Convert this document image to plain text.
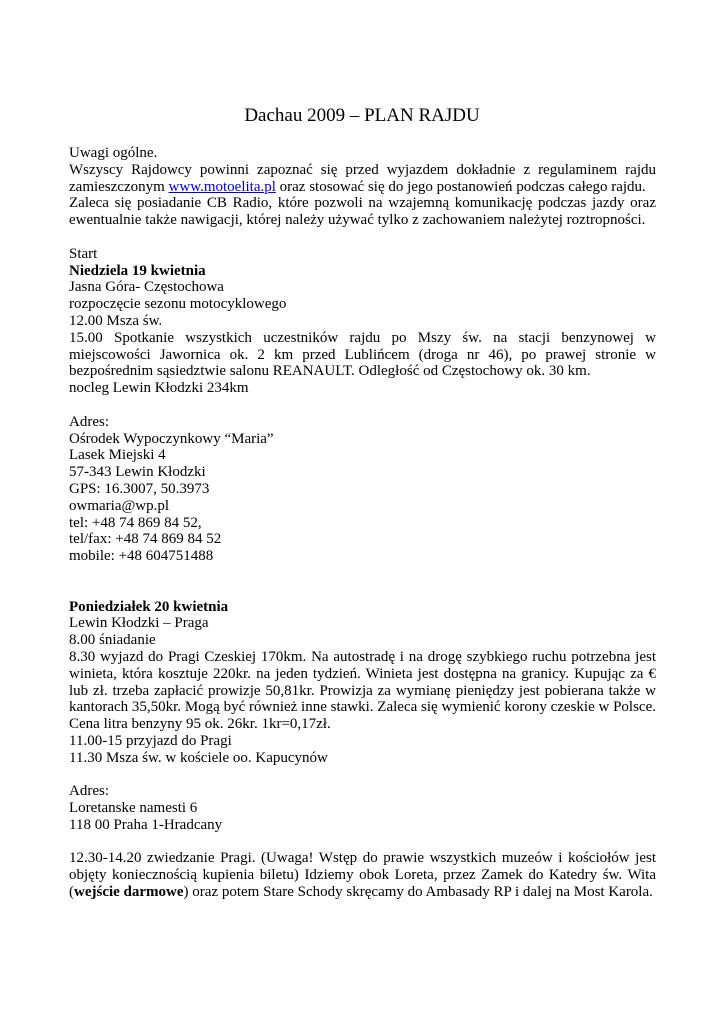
Dachau 2009 – PLAN RAJDU
Uwagi ogólne.
Wszyscy Rajdowcy powinni zapoznać się przed wyjazdem dokładnie z regulaminem rajdu zamieszczonym www.motoelita.pl oraz stosować się do jego postanowień podczas całego rajdu.
Zaleca się posiadanie CB Radio, które pozwoli na wzajemną komunikację podczas jazdy oraz ewentualnie także nawigacji, której należy używać tylko z zachowaniem należytej roztropności.
Start
Niedziela 19 kwietnia
Jasna Góra- Częstochowa
rozpoczęcie sezonu motocyklowego
12.00 Msza św.
15.00 Spotkanie wszystkich uczestników rajdu po Mszy św. na stacji benzynowej w miejscowości Jawornica ok. 2 km przed Lublińcem (droga nr 46), po prawej stronie w bezpośrednim sąsiedztwie salonu REANAULT. Odległość od Częstochowy ok. 30 km.
nocleg Lewin Kłodzki 234km
Adres:
Ośrodek Wypoczynkowy “Maria”
Lasek Miejski 4
57-343 Lewin Kłodzki
GPS: 16.3007, 50.3973
owmaria@wp.pl
tel: +48 74 869 84 52,
tel/fax: +48 74 869 84 52
mobile: +48 604751488
Poniedziałek 20 kwietnia
Lewin Kłodzki – Praga
8.00 śniadanie
8.30 wyjazd do Pragi Czeskiej 170km. Na autostradę i na drogę szybkiego ruchu potrzebna jest winieta, która kosztuje 220kr. na jeden tydzień. Winieta jest dostępna na granicy. Kupując za € lub zł. trzeba zapłacić prowizje 50,81kr. Prowizja za wymianę pieniędzy jest pobierana także w kantorach 35,50kr. Mogą być również inne stawki. Zaleca się wymienić korony czeskie w Polsce. Cena litra benzyny 95 ok. 26kr. 1kr=0,17zł.
11.00-15 przyjazd do Pragi
11.30 Msza św. w kościele oo. Kapucynów
Adres:
Loretanske namesti 6
118 00 Praha 1-Hradcany
12.30-14.20 zwiedzanie Pragi. (Uwaga! Wstęp do prawie wszystkich muzeów i kościołów jest objęty koniecznością kupienia biletu) Idziemy obok Loreta, przez Zamek do Katedry św. Wita (wejście darmowe) oraz potem Stare Schody skręcamy do Ambasady RP i dalej na Most Karola.
